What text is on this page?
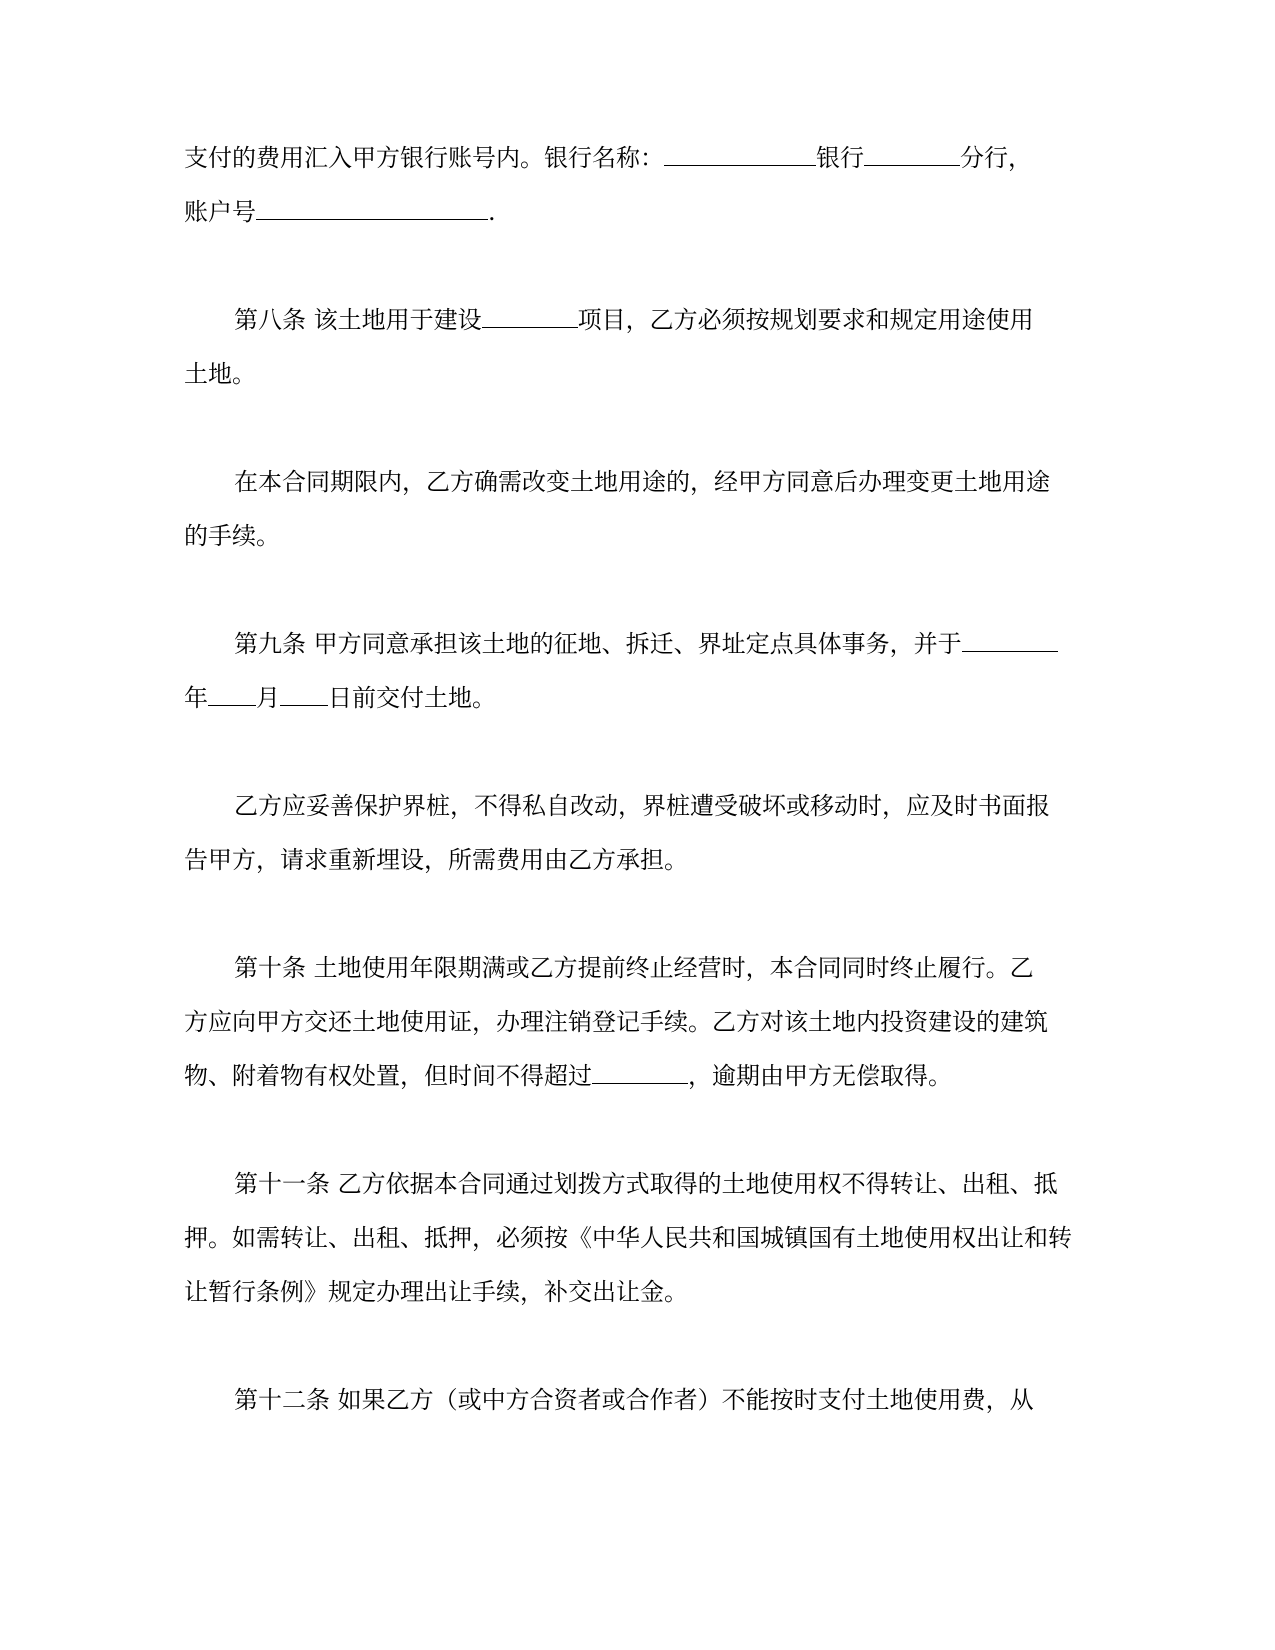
支付的费用汇入甲方银行账号内。银行名称：	银行	分行，
账户号	.
第八条 该土地用于建设	项目，乙方必须按规划要求和规定用途使用
土地。
在本合同期限内，乙方确需改变土地用途的，经甲方同意后办理变更土地用途
的手续。
第九条 甲方同意承担该土地的征地、拆迁、界址定点具体事务，并于
年 月 日前交付土地。
乙方应妥善保护界桩，不得私自改动，界桩遭受破坏或移动时，应及时书面报
告甲方，请求重新埋设，所需费用由乙方承担。
第十条 土地使用年限期满或乙方提前终止经营时，本合同同时终止履行。乙
方应向甲方交还土地使用证，办理注销登记手续。乙方对该土地内投资建设的建筑
物、附着物有权处置，但时间不得超过	，逾期由甲方无偿取得。
第十一条 乙方依据本合同通过划拨方式取得的土地使用权不得转让、出租、抵
押。如需转让、出租、抵押，必须按《中华人民共和国城镇国有土地使用权出让和转
让暂行条例》规定办理出让手续，补交出让金。
第十二条 如果乙方（或中方合资者或合作者）不能按时支付土地使用费，从
